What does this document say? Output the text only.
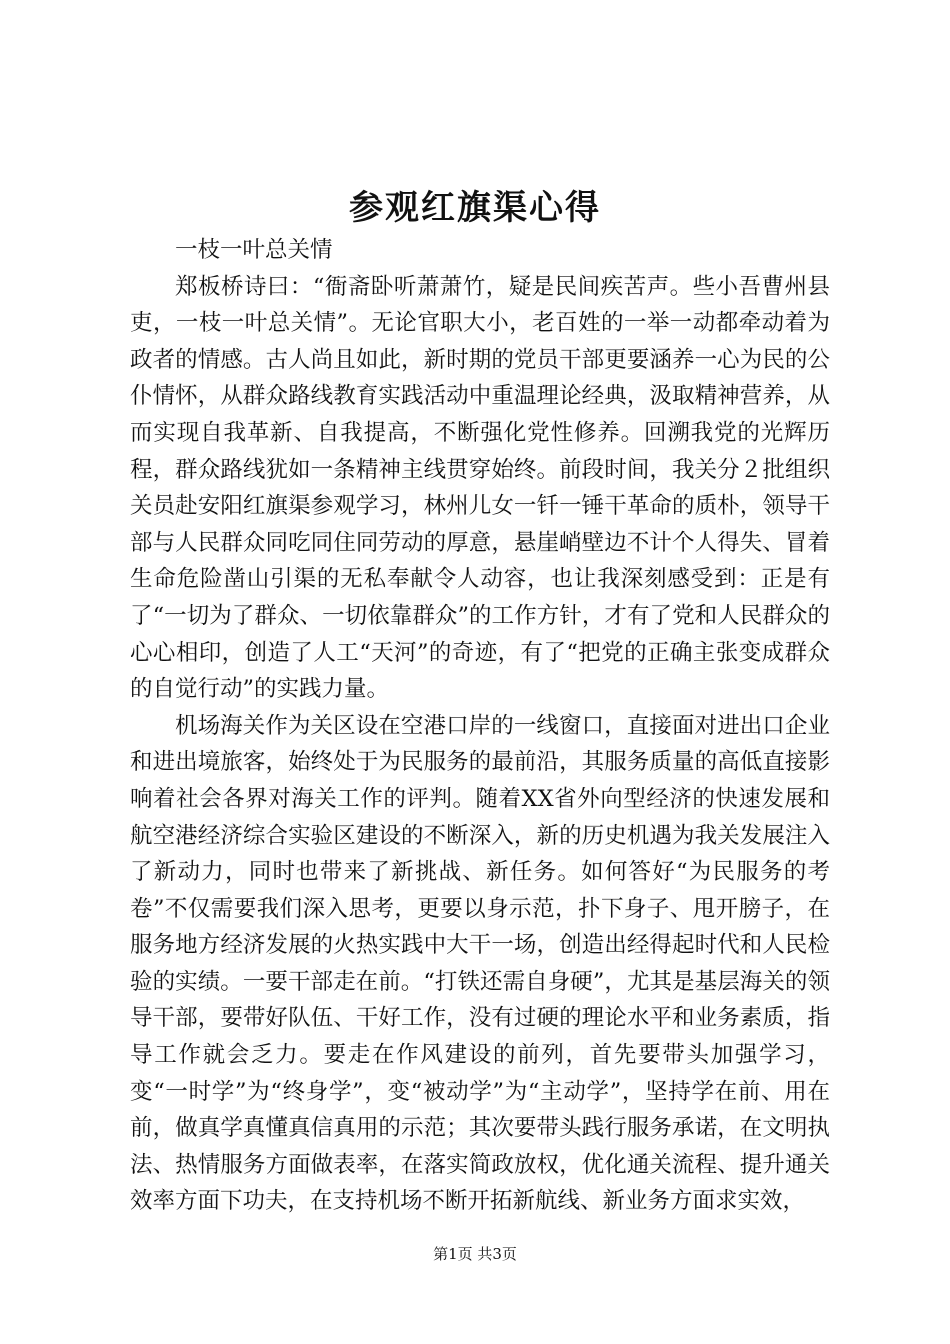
参观红旗渠心得

一枝一叶总关情

郑板桥诗曰：“衙斋卧听萧萧竹，疑是民间疾苦声。些小吾曹州县吏，一枝一叶总关情”。无论官职大小，老百姓的一举一动都牵动着为政者的情感。古人尚且如此，新时期的党员干部更要涵养一心为民的公仆情怀，从群众路线教育实践活动中重温理论经典，汲取精神营养，从而实现自我革新、自我提高，不断强化党性修养。回溯我党的光辉历程，群众路线犹如一条精神主线贯穿始终。前段时间，我关分２批组织关员赴安阳红旗渠参观学习，林州儿女一钎一锤干革命的质朴，领导干部与人民群众同吃同住同劳动的厚意，悬崖峭壁边不计个人得失、冒着生命危险凿山引渠的无私奉献令人动容，也让我深刻感受到：正是有了“一切为了群众、一切依靠群众”的工作方针，才有了党和人民群众的心心相印，创造了人工“天河”的奇迹，有了“把党的正确主张变成群众的自觉行动”的实践力量。

机场海关作为关区设在空港口岸的一线窗口，直接面对进出口企业和进出境旅客，始终处于为民服务的最前沿，其服务质量的高低直接影响着社会各界对海关工作的评判。随着XX省外向型经济的快速发展和航空港经济综合实验区建设的不断深入，新的历史机遇为我关发展注入了新动力，同时也带来了新挑战、新任务。如何答好“为民服务的考卷”不仅需要我们深入思考，更要以身示范，扑下身子、甩开膀子，在服务地方经济发展的火热实践中大干一场，创造出经得起时代和人民检验的实绩。一要干部走在前。“打铁还需自身硬”，尤其是基层海关的领导干部，要带好队伍、干好工作，没有过硬的理论水平和业务素质，指导工作就会乏力。要走在作风建设的前列，首先要带头加强学习，变“一时学”为“终身学”，变“被动学”为“主动学”，坚持学在前、用在前，做真学真懂真信真用的示范；其次要带头践行服务承诺，在文明执法、热情服务方面做表率，在落实简政放权，优化通关流程、提升通关效率方面下功夫，在支持机场不断开拓新航线、新业务方面求实效，

第1页 共3页
